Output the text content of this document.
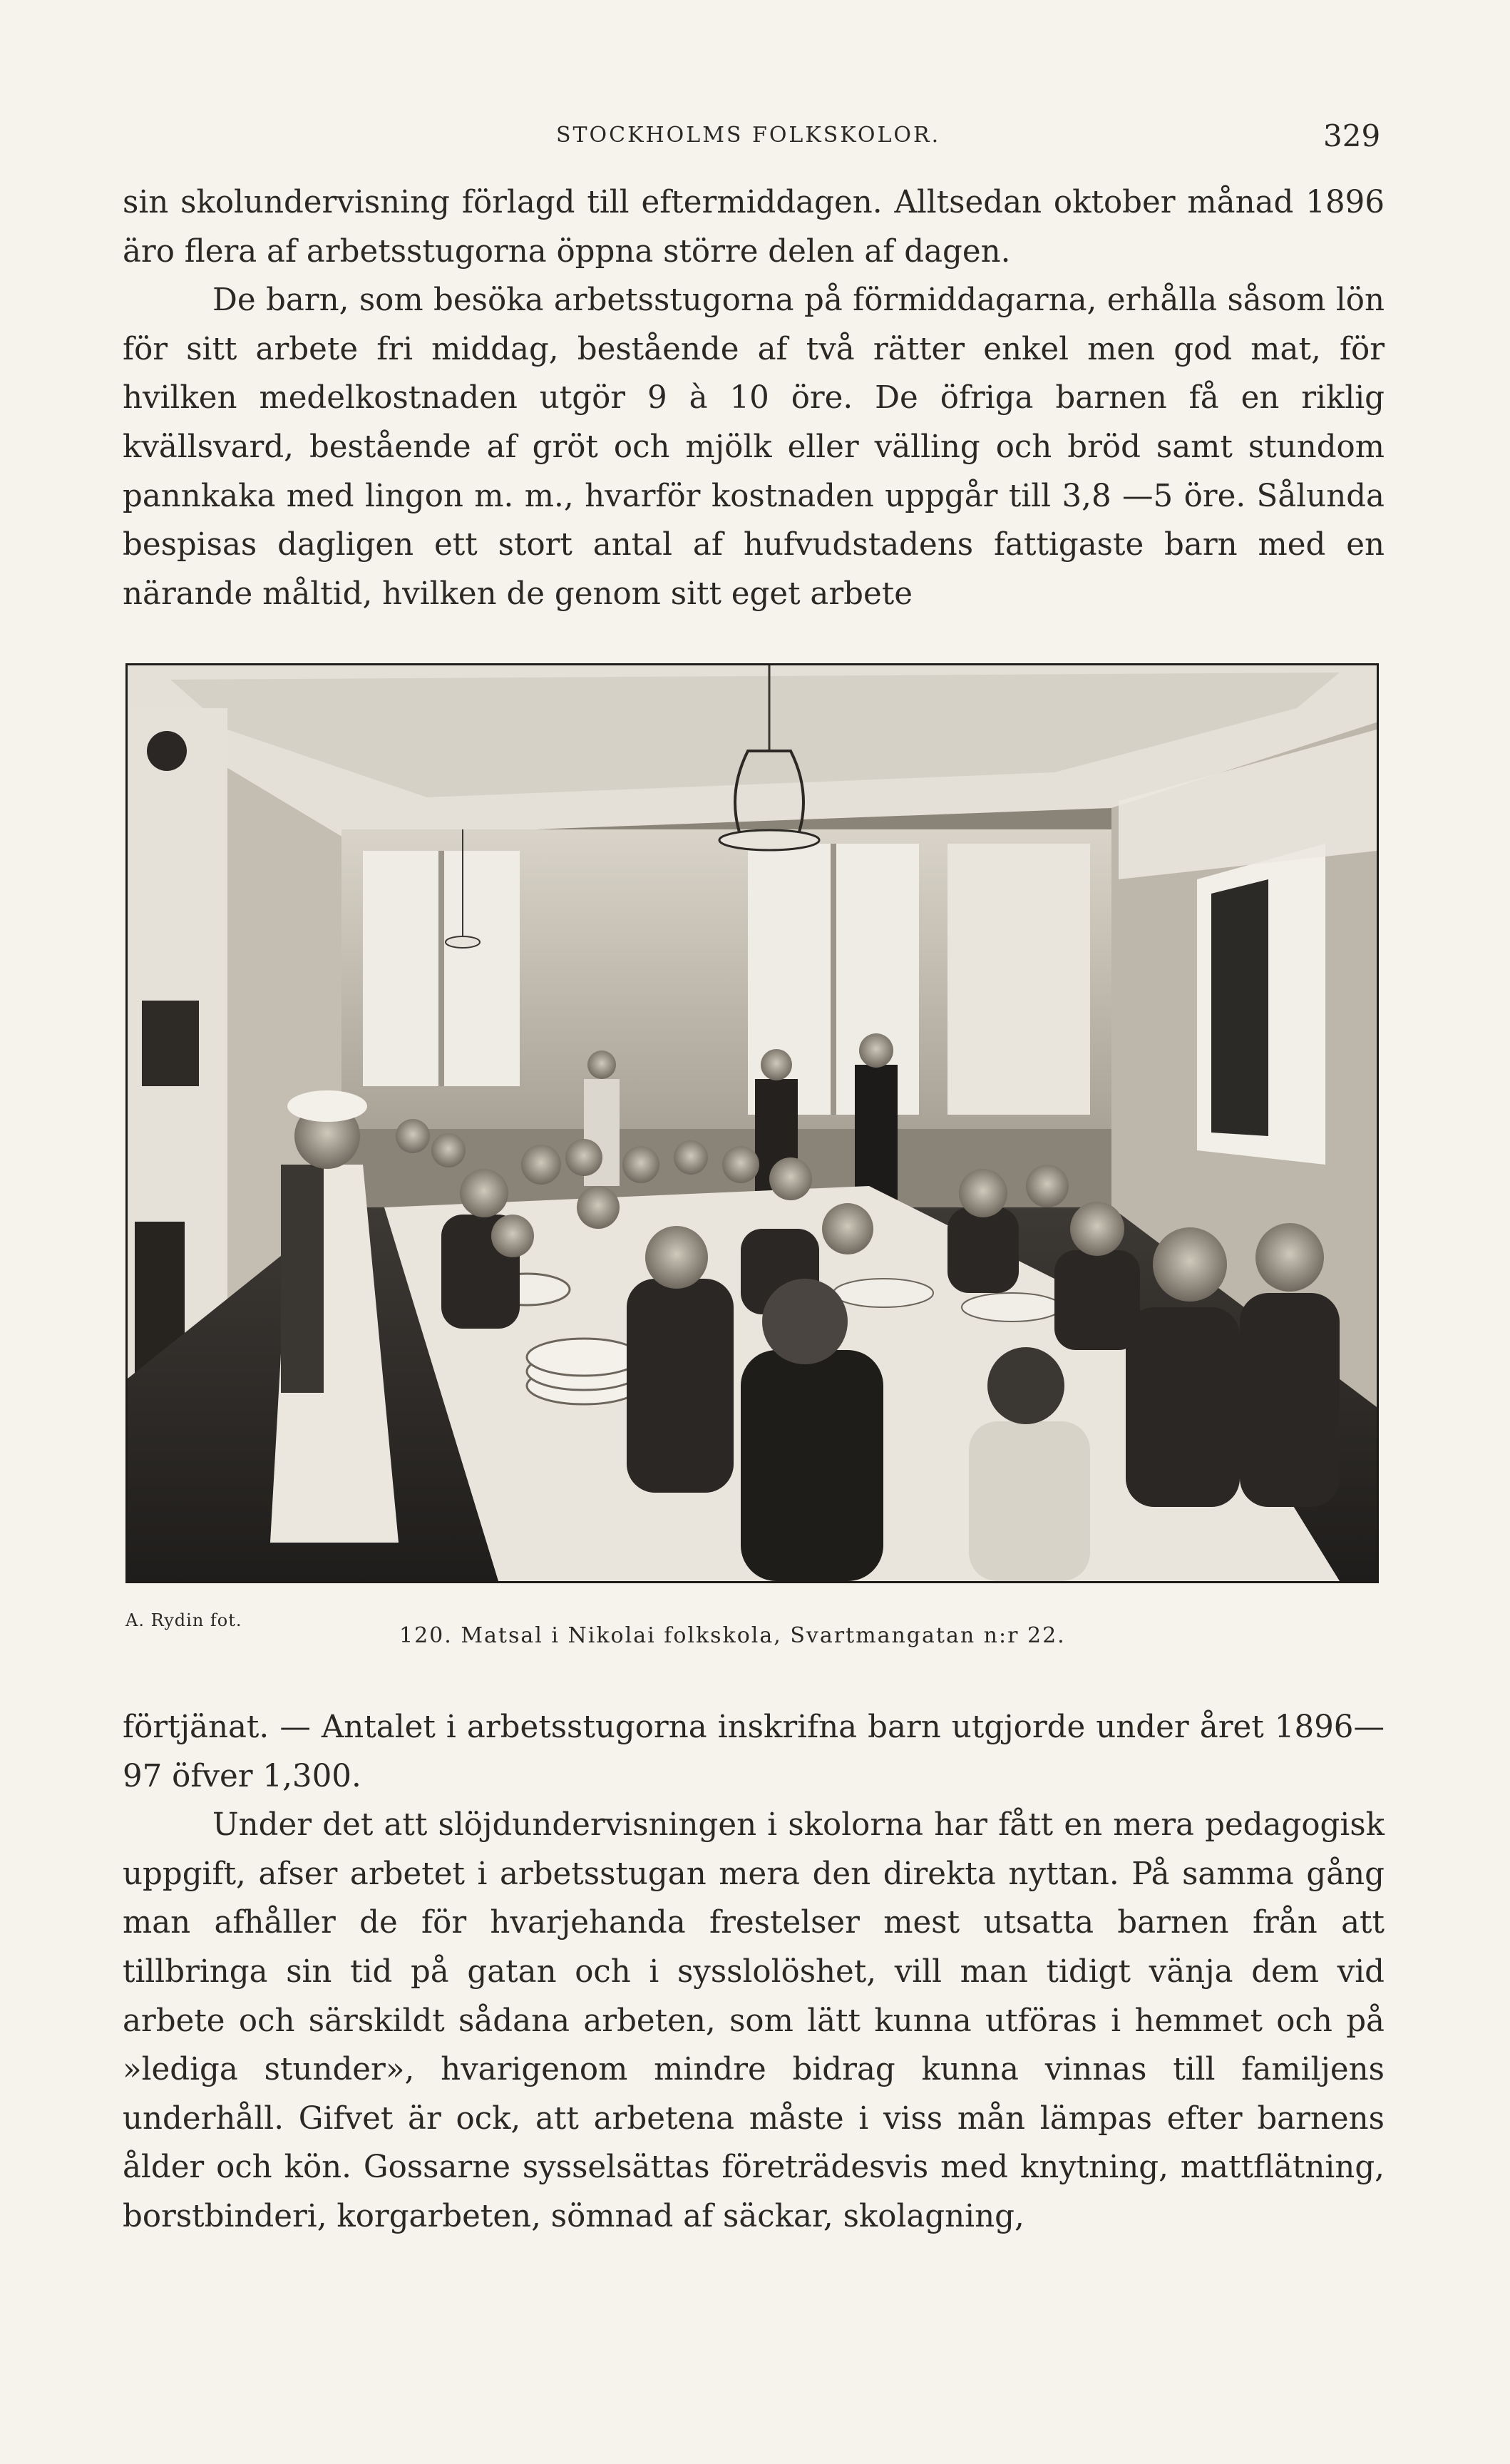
STOCKHOLMS FOLKSKOLOR.	329

sin skolundervisning förlagd till eftermiddagen. Alltsedan oktober månad 1896 äro flera af arbetsstugorna öppna större delen af dagen.

De barn, som besöka arbetsstugorna på förmiddagarna, erhålla såsom lön för sitt arbete fri middag, bestående af två rätter enkel men god mat, för hvilken medelkostnaden utgör 9 à 10 öre. De öfriga barnen få en riklig kvällsvard, bestående af gröt och mjölk eller välling och bröd samt stundom pannkaka med lingon m. m., hvarför kostnaden uppgår till 3,8 —5 öre. Sålunda bespisas dagligen ett stort antal af hufvudstadens fattigaste barn med en närande måltid, hvilken de genom sitt eget arbete

A. Rydin fot.
120. Matsal i Nikolai folkskola, Svartmangatan n:r 22.

förtjänat. — Antalet i arbetsstugorna inskrifna barn utgjorde under året 1896—97 öfver 1,300.

Under det att slöjdundervisningen i skolorna har fått en mera pedagogisk uppgift, afser arbetet i arbetsstugan mera den direkta nyttan. På samma gång man afhåller de för hvarjehanda frestelser mest utsatta barnen från att tillbringa sin tid på gatan och i sysslolöshet, vill man tidigt vänja dem vid arbete och särskildt sådana arbeten, som lätt kunna utföras i hemmet och på »lediga stunder», hvarigenom mindre bidrag kunna vinnas till familjens underhåll. Gifvet är ock, att arbetena måste i viss mån lämpas efter barnens ålder och kön. Gossarne sysselsättas företrädesvis med knytning, mattflätning, borstbinderi, korgarbeten, sömnad af säckar, skolagning,
